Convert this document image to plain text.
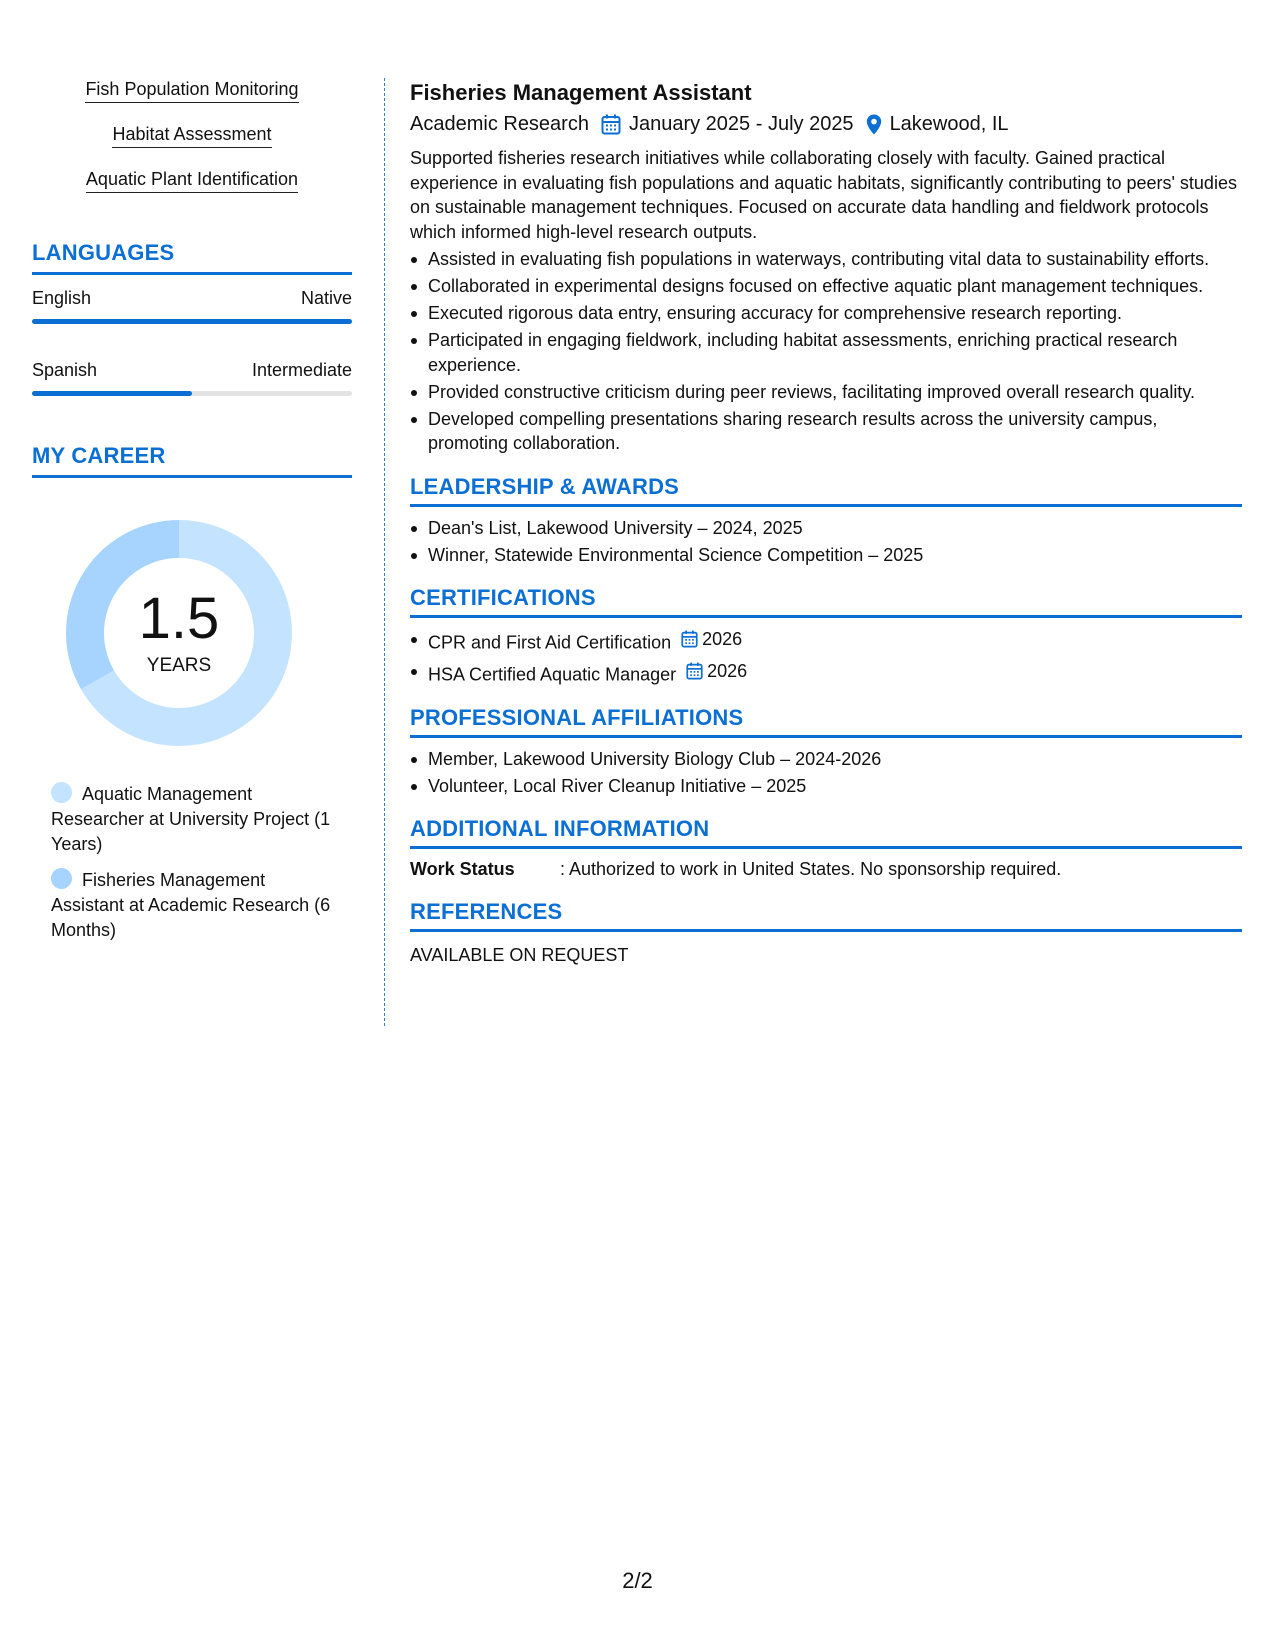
Fish Population Monitoring
Habitat Assessment
Aquatic Plant Identification
LANGUAGES
English	Native
Spanish	Intermediate
MY CAREER
1.5
YEARS
Aquatic Management Researcher at University Project (1 Years)
Fisheries Management Assistant at Academic Research (6 Months)
Fisheries Management Assistant
Academic Research January 2025 - July 2025 Lakewood, IL

Supported fisheries research initiatives while collaborating closely with faculty. Gained practical experience in evaluating fish populations and aquatic habitats, significantly contributing to peers' studies on sustainable management techniques. Focused on accurate data handling and fieldwork protocols which informed high-level research outputs.

Assisted in evaluating fish populations in waterways, contributing vital data to sustainability efforts.
Collaborated in experimental designs focused on effective aquatic plant management techniques.
Executed rigorous data entry, ensuring accuracy for comprehensive research reporting.
Participated in engaging fieldwork, including habitat assessments, enriching practical research experience.
Provided constructive criticism during peer reviews, facilitating improved overall research quality.
Developed compelling presentations sharing research results across the university campus, promoting collaboration.
LEADERSHIP & AWARDS
Dean's List, Lakewood University – 2024, 2025
Winner, Statewide Environmental Science Competition – 2025
CERTIFICATIONS
CPR and First Aid Certification 2026
HSA Certified Aquatic Manager 2026
PROFESSIONAL AFFILIATIONS
Member, Lakewood University Biology Club – 2024-2026
Volunteer, Local River Cleanup Initiative – 2025
ADDITIONAL INFORMATION
Work Status	: Authorized to work in United States. No sponsorship required.
REFERENCES
AVAILABLE ON REQUEST
2/2
